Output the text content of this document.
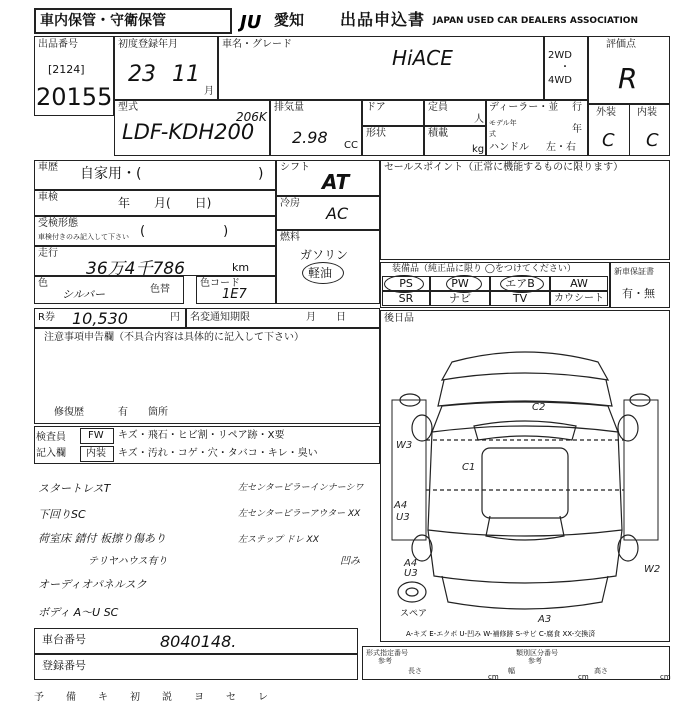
車内保管・守衛保管	JU 愛知 出品申込書 JAPAN USED CAR DEALERS ASSOCIATION
出品番号
[2124]
20155
初度登録年月
23 11
月
車名・グレード
HiACE	2WD
・
4WD
評価点
R
型式
LDF-KDH200
排気量
206K
2.98 CC
ドア	定員
人
形状	積載
kg
ディーラー・並 行
モデル年式	年
ハンドル 左・右
外装 内装
C C
車歴 自家用・(	)
車検	年　　月(　　日)
受検形態
車検付きのみ記入して下さい (　　　　　　)
走行
36万4千786	km
色
シルバー	色替
色コード
1E7
シフト
AT
冷房
AC
燃料
ガソリン
軽油
R券 10,530	円 名変通知期限	月　　日
セールスポイント（正常に機能するものに限ります）
装備品（純正品に限り ◯をつけてください）
PS	PW	エアB	AW
SR	ナビ	TV	カウシート
新車保証書
有・無
後日品
C2
C1
W3
A4
U3
A4
U3	W2
A3
スペア
A-キズ E-エクボ U-凹み W-補修跡 S-サビ C-腐食 XX-交換済
注意事項申告欄（不具合内容は具体的に記入して下さい）
修復歴	有 箇所
検査員
記入欄
FW キズ・飛石・ヒビ割・リペア跡・X要
内装 キズ・汚れ・コゲ・穴・タバコ・キレ・臭い
スタートレスT
下回りSC
荷室床 錆付 板擦り傷あり
テリヤハウス有り
オーディオパネルスク
ボディ A～U SC
左センターピラーインナーシワ
左センターピラーアウター XX
左ステップ ドレ XX
凹み
車台番号	8040148.
登録番号
形式指定番号
参考
類別区分番号
参考
長さ	幅	高さ
cm	cm	cm
予 備 キ 初 説 ヨ セ レ
